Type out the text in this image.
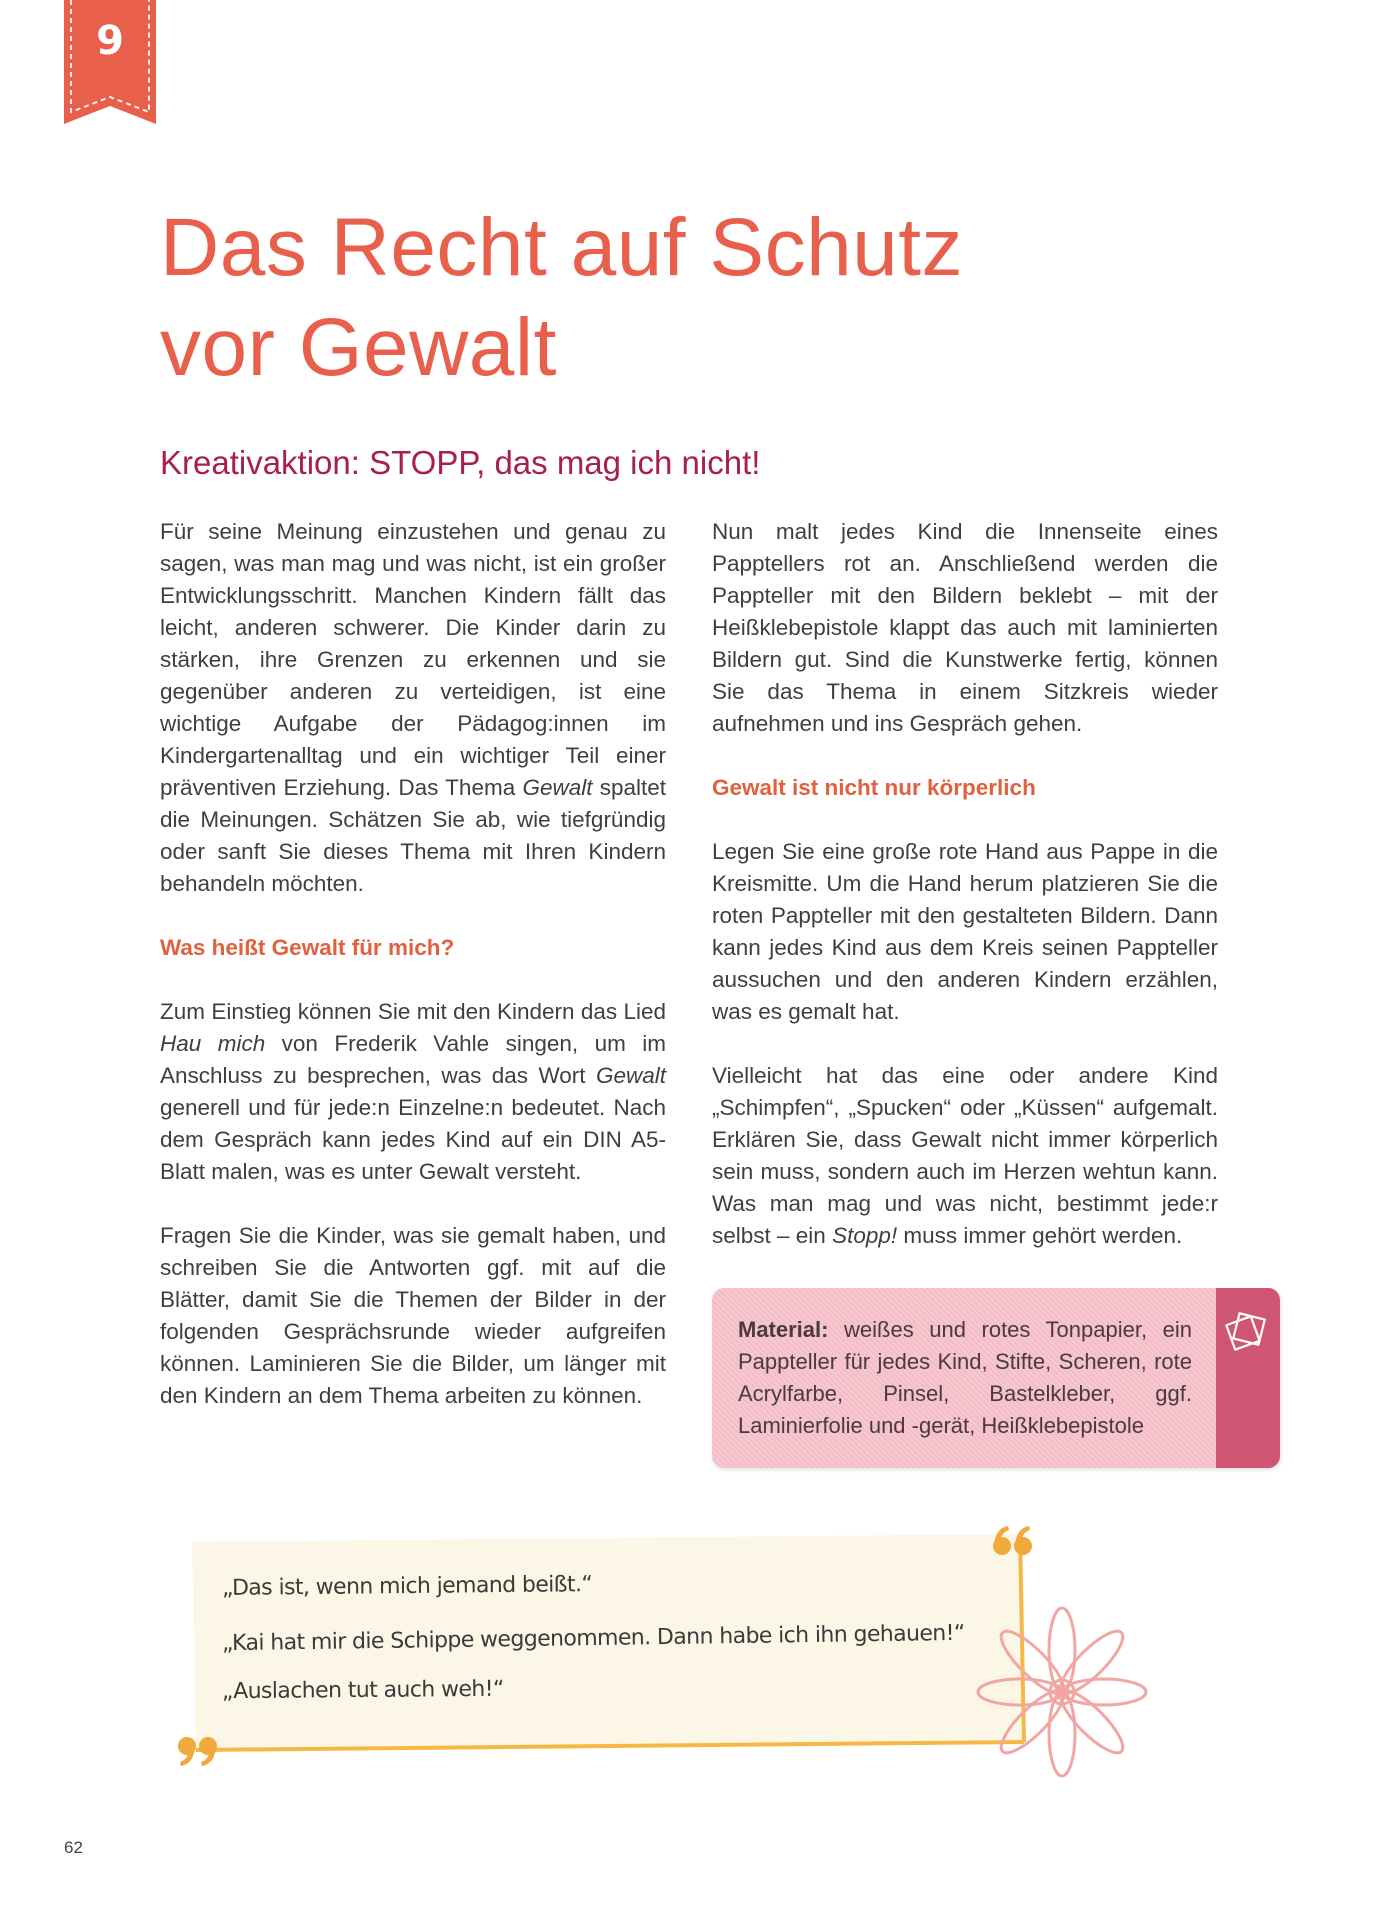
9
Das Recht auf Schutz
vor Gewalt
Kreativaktion: STOPP, das mag ich nicht!

Für seine Meinung einzustehen und genau zu sagen, was man mag und was nicht, ist ein großer Entwicklungsschritt. Manchen Kindern fällt das leicht, anderen schwerer. Die Kinder darin zu stärken, ihre Grenzen zu erkennen und sie gegenüber anderen zu verteidigen, ist eine wichtige Aufgabe der Pädagog:innen im Kindergartenalltag und ein wichtiger Teil einer präventiven Erziehung. Das Thema Gewalt spaltet die Meinungen. Schätzen Sie ab, wie tiefgründig oder sanft Sie dieses Thema mit Ihren Kindern behandeln möchten.

Was heißt Gewalt für mich?

Zum Einstieg können Sie mit den Kindern das Lied Hau mich von Frederik Vahle singen, um im Anschluss zu besprechen, was das Wort Gewalt generell und für jede:n Einzelne:n bedeutet. Nach dem Gespräch kann jedes Kind auf ein DIN A5-Blatt malen, was es unter Gewalt versteht.

Fragen Sie die Kinder, was sie gemalt haben, und schreiben Sie die Antworten ggf. mit auf die Blätter, damit Sie die Themen der Bilder in der folgenden Gesprächsrunde wieder aufgreifen können. Laminieren Sie die Bilder, um länger mit den Kindern an dem Thema arbeiten zu können.

Nun malt jedes Kind die Innenseite eines Papptellers rot an. Anschließend werden die Pappteller mit den Bildern beklebt – mit der Heißklebepistole klappt das auch mit laminierten Bildern gut. Sind die Kunstwerke fertig, können Sie das Thema in einem Sitzkreis wieder aufnehmen und ins Gespräch gehen.

Gewalt ist nicht nur körperlich

Legen Sie eine große rote Hand aus Pappe in die Kreismitte. Um die Hand herum platzieren Sie die roten Pappteller mit den gestalteten Bildern. Dann kann jedes Kind aus dem Kreis seinen Pappteller aussuchen und den anderen Kindern erzählen, was es gemalt hat.

Vielleicht hat das eine oder andere Kind „Schimpfen“, „Spucken“ oder „Küssen“ aufgemalt. Erklären Sie, dass Gewalt nicht immer körperlich sein muss, sondern auch im Herzen wehtun kann. Was man mag und was nicht, bestimmt jede:r selbst – ein Stopp! muss immer gehört werden.

Material: weißes und rotes Tonpapier, ein Pappteller für jedes Kind, Stifte, Scheren, rote Acrylfarbe, Pinsel, Bastelkleber, ggf. Laminierfolie und -gerät, Heißklebepistole

„Das ist, wenn mich jemand beißt.“

„Kai hat mir die Schippe weggenommen. Dann habe ich ihn gehauen!“

„Auslachen tut auch weh!“

62
